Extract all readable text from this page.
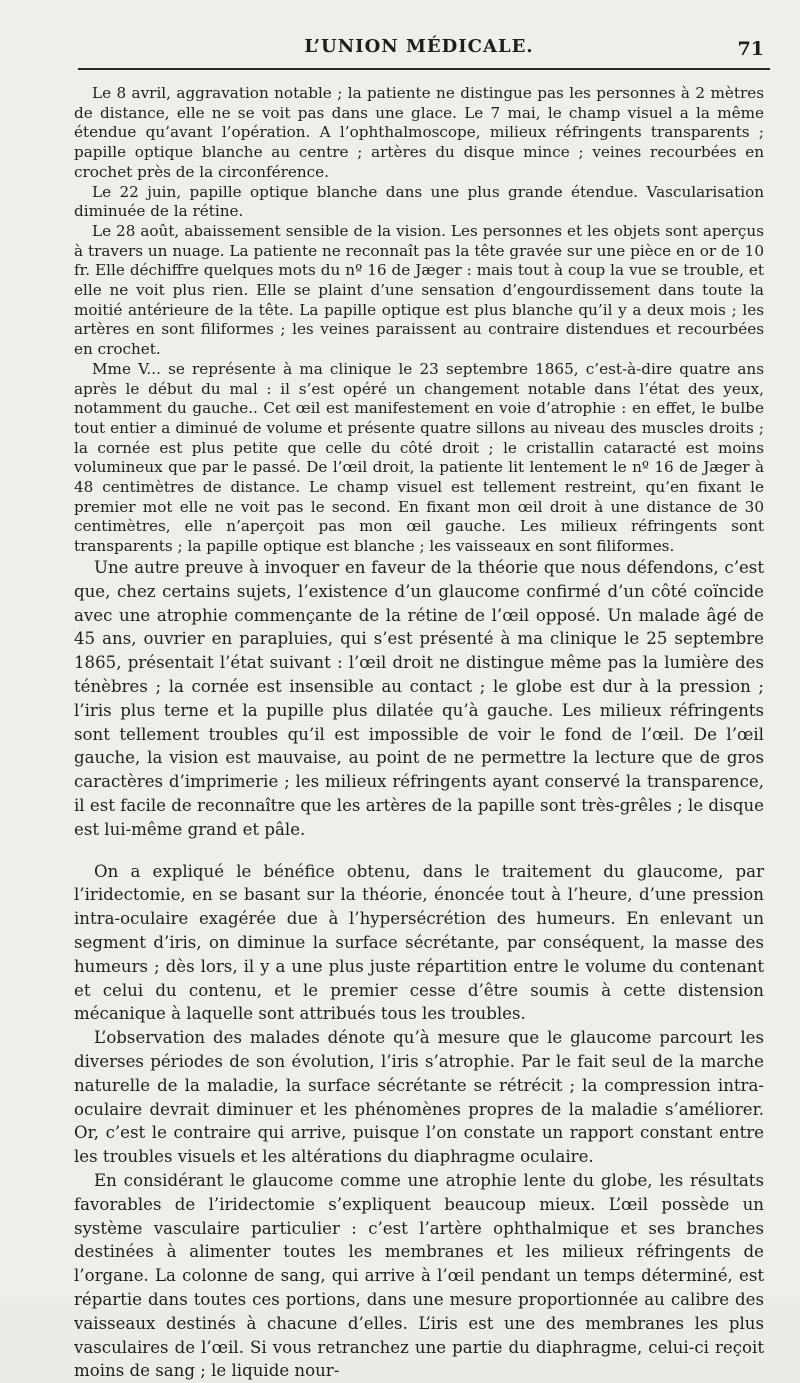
L’UNION MÉDICALE.	71

Le 8 avril, aggravation notable ; la patiente ne distingue pas les personnes à 2 mètres de distance, elle ne se voit pas dans une glace. Le 7 mai, le champ visuel a la même étendue qu’avant l’opération. A l’ophthalmoscope, milieux réfringents transparents ; papille optique blanche au centre ; artères du disque mince ; veines recourbées en crochet près de la circonférence.

Le 22 juin, papille optique blanche dans une plus grande étendue. Vascularisation diminuée de la rétine.

Le 28 août, abaissement sensible de la vision. Les personnes et les objets sont aperçus à travers un nuage. La patiente ne reconnaît pas la tête gravée sur une pièce en or de 10 fr. Elle déchiffre quelques mots du nº 16 de Jæger : mais tout à coup la vue se trouble, et elle ne voit plus rien. Elle se plaint d’une sensation d’engourdissement dans toute la moitié antérieure de la tête. La papille optique est plus blanche qu’il y a deux mois ; les artères en sont filiformes ; les veines paraissent au contraire distendues et recourbées en crochet.

Mme V... se représente à ma clinique le 23 septembre 1865, c’est-à-dire quatre ans après le début du mal : il s’est opéré un changement notable dans l’état des yeux, notamment du gauche.. Cet œil est manifestement en voie d’atrophie : en effet, le bulbe tout entier a diminué de volume et présente quatre sillons au niveau des muscles droits ; la cornée est plus petite que celle du côté droit ; le cristallin cataracté est moins volumineux que par le passé. De l’œil droit, la patiente lit lentement le nº 16 de Jæger à 48 centimètres de distance. Le champ visuel est tellement restreint, qu’en fixant le premier mot elle ne voit pas le second. En fixant mon œil droit à une distance de 30 centimètres, elle n’aperçoit pas mon œil gauche. Les milieux réfringents sont transparents ; la papille optique est blanche ; les vaisseaux en sont filiformes.

Une autre preuve à invoquer en faveur de la théorie que nous défendons, c’est que, chez certains sujets, l’existence d’un glaucome confirmé d’un côté coïncide avec une atrophie commençante de la rétine de l’œil opposé. Un malade âgé de 45 ans, ouvrier en parapluies, qui s’est présenté à ma clinique le 25 septembre 1865, présentait l’état suivant : l’œil droit ne distingue même pas la lumière des ténèbres ; la cornée est insensible au contact ; le globe est dur à la pression ; l’iris plus terne et la pupille plus dilatée qu’à gauche. Les milieux réfringents sont tellement troubles qu’il est impossible de voir le fond de l’œil. De l’œil gauche, la vision est mauvaise, au point de ne permettre la lecture que de gros caractères d’imprimerie ; les milieux réfringents ayant conservé la transparence, il est facile de reconnaître que les artères de la papille sont très-grêles ; le disque est lui-même grand et pâle.

On a expliqué le bénéfice obtenu, dans le traitement du glaucome, par l’iridectomie, en se basant sur la théorie, énoncée tout à l’heure, d’une pression intra-oculaire exagérée due à l’hypersécrétion des humeurs. En enlevant un segment d’iris, on diminue la surface sécrétante, par conséquent, la masse des humeurs ; dès lors, il y a une plus juste répartition entre le volume du contenant et celui du contenu, et le premier cesse d’être soumis à cette distension mécanique à laquelle sont attribués tous les troubles.

L’observation des malades dénote qu’à mesure que le glaucome parcourt les diverses périodes de son évolution, l’iris s’atrophie. Par le fait seul de la marche naturelle de la maladie, la surface sécrétante se rétrécit ; la compression intra-oculaire devrait diminuer et les phénomènes propres de la maladie s’améliorer. Or, c’est le contraire qui arrive, puisque l’on constate un rapport constant entre les troubles visuels et les altérations du diaphragme oculaire.

En considérant le glaucome comme une atrophie lente du globe, les résultats favorables de l’iridectomie s’expliquent beaucoup mieux. L’œil possède un système vasculaire particulier : c’est l’artère ophthalmique et ses branches destinées à alimenter toutes les membranes et les milieux réfringents de l’organe. La colonne de sang, qui arrive à l’œil pendant un temps déterminé, est répartie dans toutes ces portions, dans une mesure proportionnée au calibre des vaisseaux destinés à chacune d’elles. L’iris est une des membranes les plus vasculaires de l’œil. Si vous retranchez une partie du diaphragme, celui-ci reçoit moins de sang ; le liquide nour-
